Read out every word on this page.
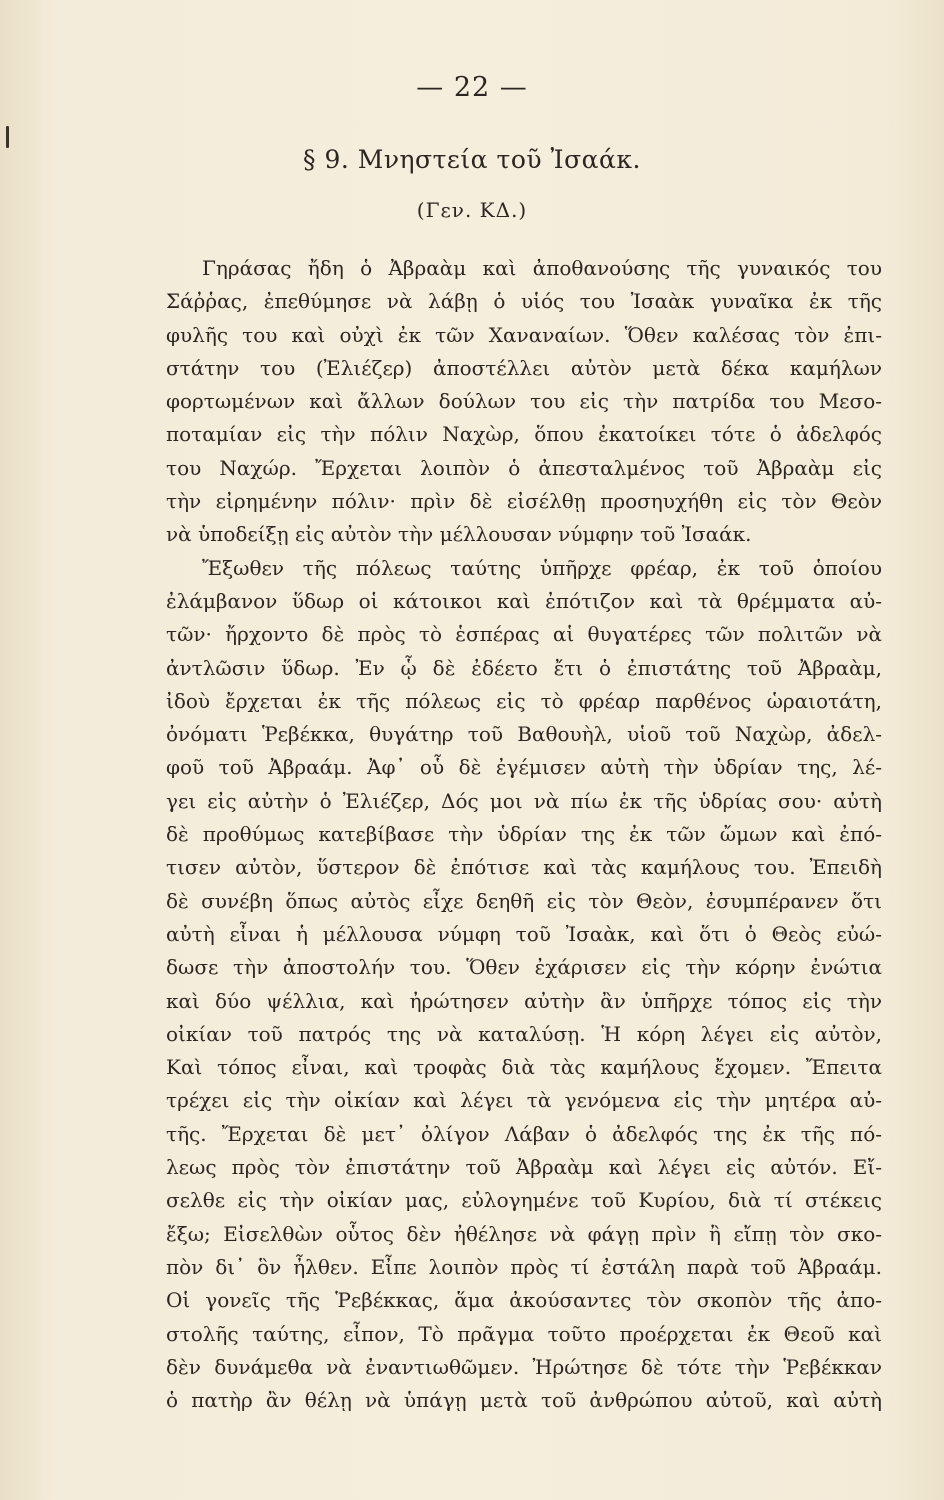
— 22 —
§ 9. Μνηστεία τοῦ Ἰσαάκ.
(Γεν. ΚΔ.)
Γηράσας ἤδη ὁ Ἀβραὰμ καὶ ἀποθανούσης τῆς γυναικός του
Σάῤῥας, ἐπεθύμησε νὰ λάβῃ ὁ υἱός του Ἰσαὰκ γυναῖκα ἐκ τῆς
φυλῆς του καὶ οὐχὶ ἐκ τῶν Χαναναίων. Ὅθεν καλέσας τὸν ἐπι-
στάτην του (Ἐλιέζερ) ἀποστέλλει αὐτὸν μετὰ δέκα καμήλων
φορτωμένων καὶ ἄλλων δούλων του εἰς τὴν πατρίδα του Μεσο-
ποταμίαν εἰς τὴν πόλιν Ναχὼρ, ὅπου ἐκατοίκει τότε ὁ ἀδελφός
του Ναχώρ. Ἔρχεται λοιπὸν ὁ ἀπεσταλμένος τοῦ Ἀβραὰμ εἰς
τὴν εἰρημένην πόλιν· πρὶν δὲ εἰσέλθῃ προσηυχήθη εἰς τὸν Θεὸν
νὰ ὑποδείξῃ εἰς αὐτὸν τὴν μέλλουσαν νύμφην τοῦ Ἰσαάκ.
Ἔξωθεν τῆς πόλεως ταύτης ὑπῆρχε φρέαρ, ἐκ τοῦ ὁποίου
ἐλάμβανον ὕδωρ οἱ κάτοικοι καὶ ἐπότιζον καὶ τὰ θρέμματα αὐ-
τῶν· ἤρχοντο δὲ πρὸς τὸ ἑσπέρας αἱ θυγατέρες τῶν πολιτῶν νὰ
ἀντλῶσιν ὕδωρ. Ἐν ᾧ δὲ ἐδέετο ἔτι ὁ ἐπιστάτης τοῦ Ἀβραὰμ,
ἰδοὺ ἔρχεται ἐκ τῆς πόλεως εἰς τὸ φρέαρ παρθένος ὡραιοτάτη,
ὀνόματι Ῥεβέκκα, θυγάτηρ τοῦ Βαθουὴλ, υἱοῦ τοῦ Ναχὼρ, ἀδελ-
φοῦ τοῦ Ἀβραάμ. Ἀφ᾽ οὗ δὲ ἐγέμισεν αὐτὴ τὴν ὑδρίαν της, λέ-
γει εἰς αὐτὴν ὁ Ἐλιέζερ, Δός μοι νὰ πίω ἐκ τῆς ὑδρίας σου· αὐτὴ
δὲ προθύμως κατεβίβασε τὴν ὑδρίαν της ἐκ τῶν ὤμων καὶ ἐπό-
τισεν αὐτὸν, ὕστερον δὲ ἐπότισε καὶ τὰς καμήλους του. Ἐπειδὴ
δὲ συνέβη ὅπως αὐτὸς εἶχε δεηθῆ εἰς τὸν Θεὸν, ἐσυμπέρανεν ὅτι
αὐτὴ εἶναι ἡ μέλλουσα νύμφη τοῦ Ἰσαὰκ, καὶ ὅτι ὁ Θεὸς εὐώ-
δωσε τὴν ἀποστολήν του. Ὅθεν ἐχάρισεν εἰς τὴν κόρην ἐνώτια
καὶ δύο ψέλλια, καὶ ἠρώτησεν αὐτὴν ἂν ὑπῆρχε τόπος εἰς τὴν
οἰκίαν τοῦ πατρός της νὰ καταλύσῃ. Ἡ κόρη λέγει εἰς αὐτὸν,
Καὶ τόπος εἶναι, καὶ τροφὰς διὰ τὰς καμήλους ἔχομεν. Ἔπειτα
τρέχει εἰς τὴν οἰκίαν καὶ λέγει τὰ γενόμενα εἰς τὴν μητέρα αὐ-
τῆς. Ἔρχεται δὲ μετ᾽ ὀλίγον Λάβαν ὁ ἀδελφός της ἐκ τῆς πό-
λεως πρὸς τὸν ἐπιστάτην τοῦ Ἀβραὰμ καὶ λέγει εἰς αὐτόν. Εἴ-
σελθε εἰς τὴν οἰκίαν μας, εὐλογημένε τοῦ Κυρίου, διὰ τί στέκεις
ἔξω; Εἰσελθὼν οὗτος δὲν ἠθέλησε νὰ φάγῃ πρὶν ἢ εἴπῃ τὸν σκο-
πὸν δι᾽ ὃν ἦλθεν. Εἶπε λοιπὸν πρὸς τί ἐστάλη παρὰ τοῦ Ἀβραάμ.
Οἱ γονεῖς τῆς Ῥεβέκκας, ἅμα ἀκούσαντες τὸν σκοπὸν τῆς ἀπο-
στολῆς ταύτης, εἶπον, Τὸ πρᾶγμα τοῦτο προέρχεται ἐκ Θεοῦ καὶ
δὲν δυνάμεθα νὰ ἐναντιωθῶμεν. Ἠρώτησε δὲ τότε τὴν Ῥεβέκκαν
ὁ πατὴρ ἂν θέλῃ νὰ ὑπάγῃ μετὰ τοῦ ἀνθρώπου αὐτοῦ, καὶ αὐτὴ
